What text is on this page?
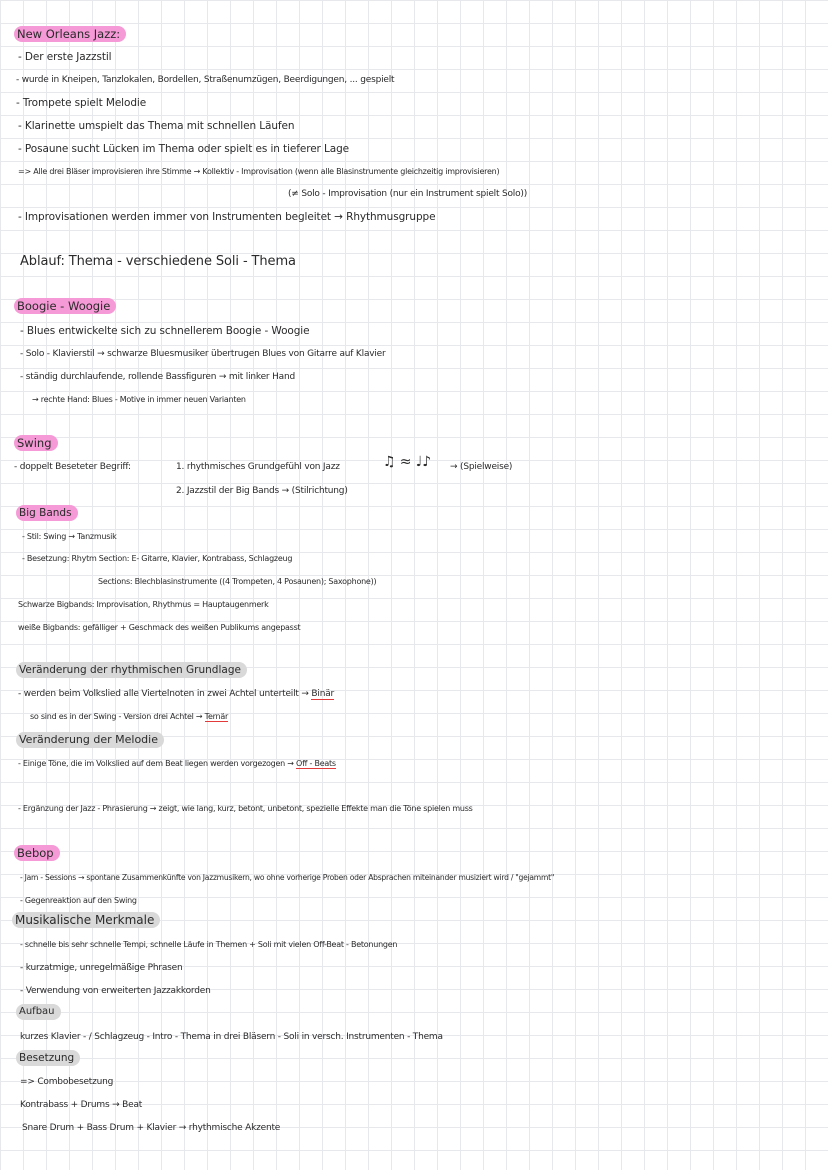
New Orleans Jazz:
- Der erste Jazzstil
- wurde in Kneipen, Tanzlokalen, Bordellen, Straßenumzügen, Beerdigungen, ... gespielt
- Trompete spielt Melodie
- Klarinette umspielt das Thema mit schnellen Läufen
- Posaune sucht Lücken im Thema oder spielt es in tieferer Lage
=> Alle drei Bläser improvisieren ihre Stimme → Kollektiv - Improvisation (wenn alle Blasinstrumente gleichzeitig improvisieren)
(≠ Solo - Improvisation (nur ein Instrument spielt Solo))
- Improvisationen werden immer von Instrumenten begleitet → Rhythmusgruppe
Ablauf: Thema - verschiedene Soli - Thema
Boogie - Woogie
- Blues entwickelte sich zu schnellerem Boogie - Woogie
- Solo - Klavierstil → schwarze Bluesmusiker übertrugen Blues von Gitarre auf Klavier
- ständig durchlaufende, rollende Bassfiguren → mit linker Hand
→ rechte Hand: Blues - Motive in immer neuen Varianten
Swing
- doppelt Beseteter Begriff:	1. rhythmisches Grundgefühl von Jazz	♫ ≈ ♩♪ → (Spielweise)
2. Jazzstil der Big Bands → (Stilrichtung)
Big Bands
- Stil: Swing → Tanzmusik
- Besetzung: Rhytm Section: E- Gitarre, Klavier, Kontrabass, Schlagzeug
Sections: Blechblasinstrumente ((4 Trompeten, 4 Posaunen); Saxophone))
Schwarze Bigbands: Improvisation, Rhythmus = Hauptaugenmerk
weiße Bigbands: gefälliger + Geschmack des weißen Publikums angepasst
Veränderung der rhythmischen Grundlage
- werden beim Volkslied alle Viertelnoten in zwei Achtel unterteilt → Binär
so sind es in der Swing - Version drei Achtel → Ternär
Veränderung der Melodie
- Einige Töne, die im Volkslied auf dem Beat liegen werden vorgezogen → Off - Beats
- Ergänzung der Jazz - Phrasierung → zeigt, wie lang, kurz, betont, unbetont, spezielle Effekte man die Töne spielen muss
Bebop
- Jam - Sessions → spontane Zusammenkünfte von Jazzmusikern, wo ohne vorherige Proben oder Absprachen miteinander musiziert wird / "gejammt"
- Gegenreaktion auf den Swing
Musikalische Merkmale
- schnelle bis sehr schnelle Tempi, schnelle Läufe in Themen + Soli mit vielen Off-Beat - Betonungen
- kurzatmige, unregelmäßige Phrasen
- Verwendung von erweiterten Jazzakkorden
Aufbau
kurzes Klavier - / Schlagzeug - Intro - Thema in drei Bläsern - Soli in versch. Instrumenten - Thema
Besetzung
=> Combobesetzung
Kontrabass + Drums → Beat
Snare Drum + Bass Drum + Klavier → rhythmische Akzente
